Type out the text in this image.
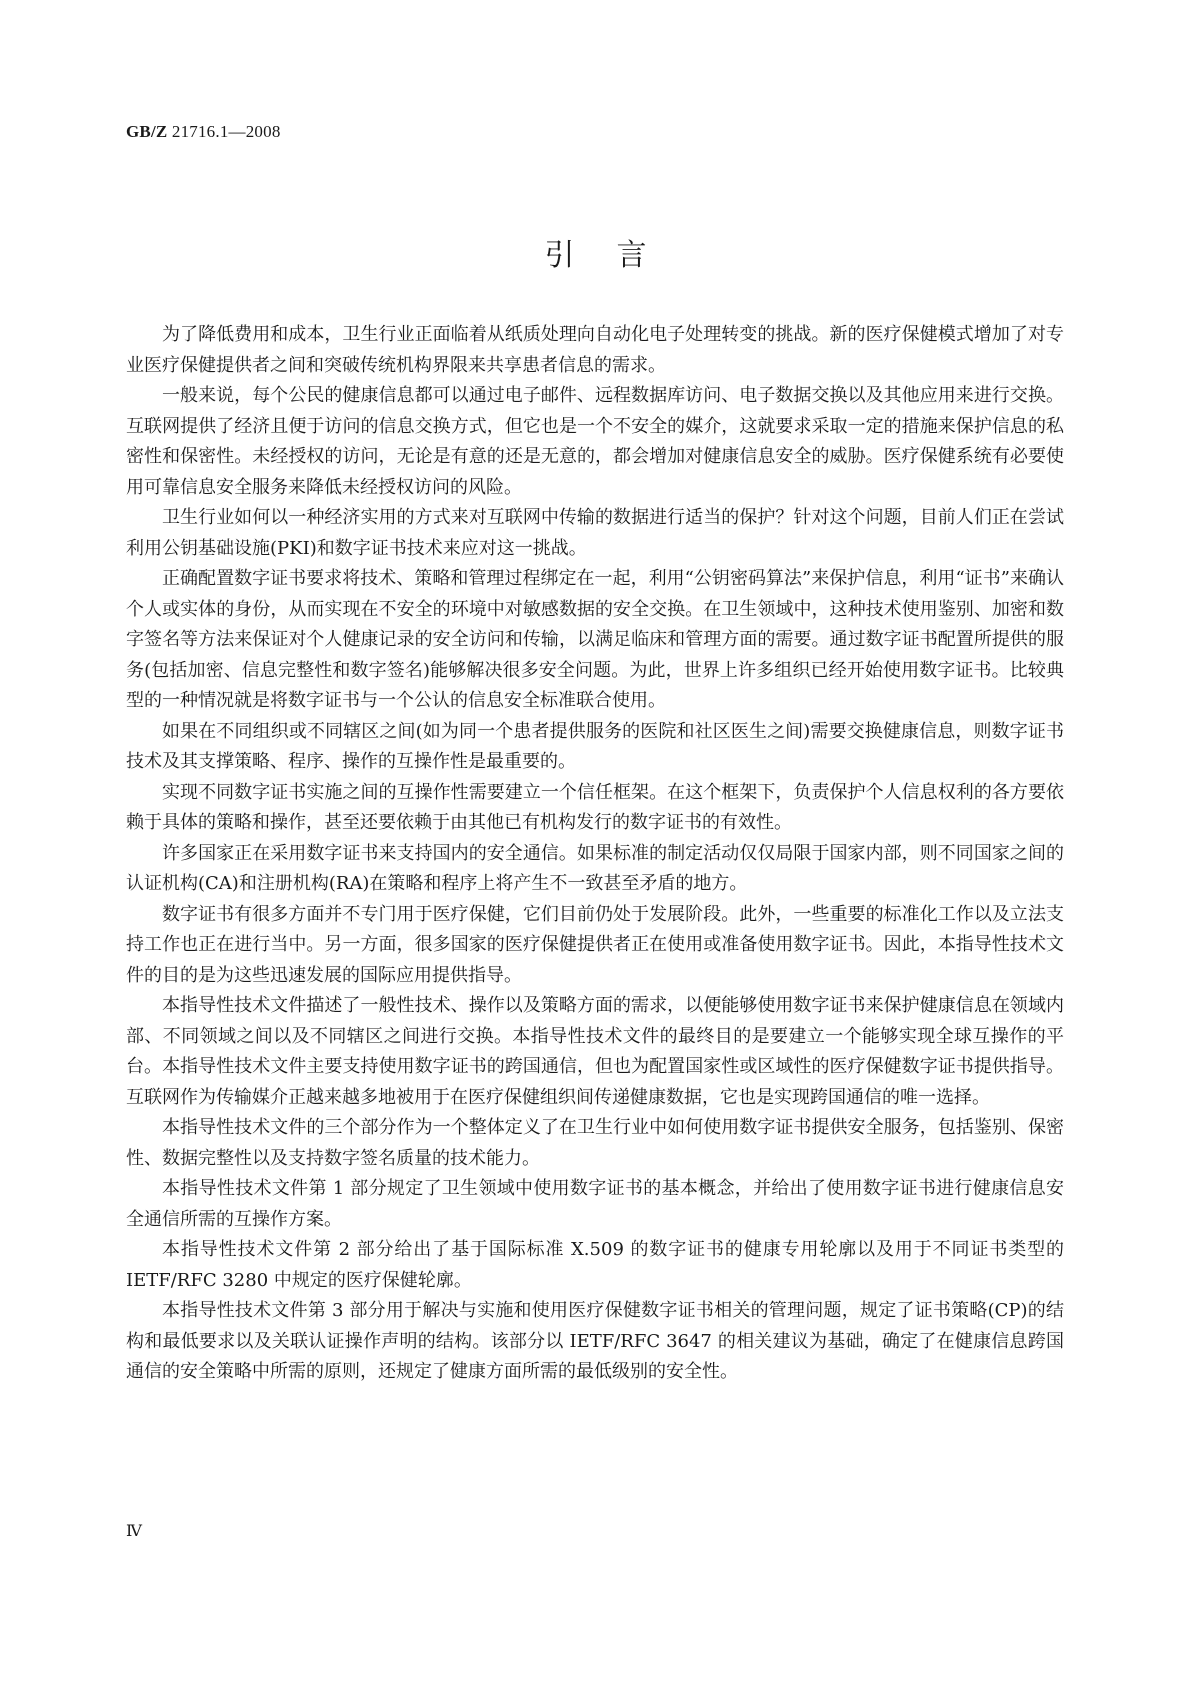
GB/Z 21716.1—2008
引言

为了降低费用和成本，卫生行业正面临着从纸质处理向自动化电子处理转变的挑战。新的医疗保健模式增加了对专业医疗保健提供者之间和突破传统机构界限来共享患者信息的需求。

一般来说，每个公民的健康信息都可以通过电子邮件、远程数据库访问、电子数据交换以及其他应用来进行交换。互联网提供了经济且便于访问的信息交换方式，但它也是一个不安全的媒介，这就要求采取一定的措施来保护信息的私密性和保密性。未经授权的访问，无论是有意的还是无意的，都会增加对健康信息安全的威胁。医疗保健系统有必要使用可靠信息安全服务来降低未经授权访问的风险。

卫生行业如何以一种经济实用的方式来对互联网中传输的数据进行适当的保护？针对这个问题，目前人们正在尝试利用公钥基础设施(PKI)和数字证书技术来应对这一挑战。

正确配置数字证书要求将技术、策略和管理过程绑定在一起，利用“公钥密码算法”来保护信息，利用“证书”来确认个人或实体的身份，从而实现在不安全的环境中对敏感数据的安全交换。在卫生领域中，这种技术使用鉴别、加密和数字签名等方法来保证对个人健康记录的安全访问和传输，以满足临床和管理方面的需要。通过数字证书配置所提供的服务(包括加密、信息完整性和数字签名)能够解决很多安全问题。为此，世界上许多组织已经开始使用数字证书。比较典型的一种情况就是将数字证书与一个公认的信息安全标准联合使用。

如果在不同组织或不同辖区之间(如为同一个患者提供服务的医院和社区医生之间)需要交换健康信息，则数字证书技术及其支撑策略、程序、操作的互操作性是最重要的。

实现不同数字证书实施之间的互操作性需要建立一个信任框架。在这个框架下，负责保护个人信息权利的各方要依赖于具体的策略和操作，甚至还要依赖于由其他已有机构发行的数字证书的有效性。

许多国家正在采用数字证书来支持国内的安全通信。如果标准的制定活动仅仅局限于国家内部，则不同国家之间的认证机构(CA)和注册机构(RA)在策略和程序上将产生不一致甚至矛盾的地方。

数字证书有很多方面并不专门用于医疗保健，它们目前仍处于发展阶段。此外，一些重要的标准化工作以及立法支持工作也正在进行当中。另一方面，很多国家的医疗保健提供者正在使用或准备使用数字证书。因此，本指导性技术文件的目的是为这些迅速发展的国际应用提供指导。

本指导性技术文件描述了一般性技术、操作以及策略方面的需求，以便能够使用数字证书来保护健康信息在领域内部、不同领域之间以及不同辖区之间进行交换。本指导性技术文件的最终目的是要建立一个能够实现全球互操作的平台。本指导性技术文件主要支持使用数字证书的跨国通信，但也为配置国家性或区域性的医疗保健数字证书提供指导。互联网作为传输媒介正越来越多地被用于在医疗保健组织间传递健康数据，它也是实现跨国通信的唯一选择。

本指导性技术文件的三个部分作为一个整体定义了在卫生行业中如何使用数字证书提供安全服务，包括鉴别、保密性、数据完整性以及支持数字签名质量的技术能力。

本指导性技术文件第 1 部分规定了卫生领域中使用数字证书的基本概念，并给出了使用数字证书进行健康信息安全通信所需的互操作方案。

本指导性技术文件第 2 部分给出了基于国际标准 X.509 的数字证书的健康专用轮廓以及用于不同证书类型的 IETF/RFC 3280 中规定的医疗保健轮廓。

本指导性技术文件第 3 部分用于解决与实施和使用医疗保健数字证书相关的管理问题，规定了证书策略(CP)的结构和最低要求以及关联认证操作声明的结构。该部分以 IETF/RFC 3647 的相关建议为基础，确定了在健康信息跨国通信的安全策略中所需的原则，还规定了健康方面所需的最低级别的安全性。

Ⅳ
